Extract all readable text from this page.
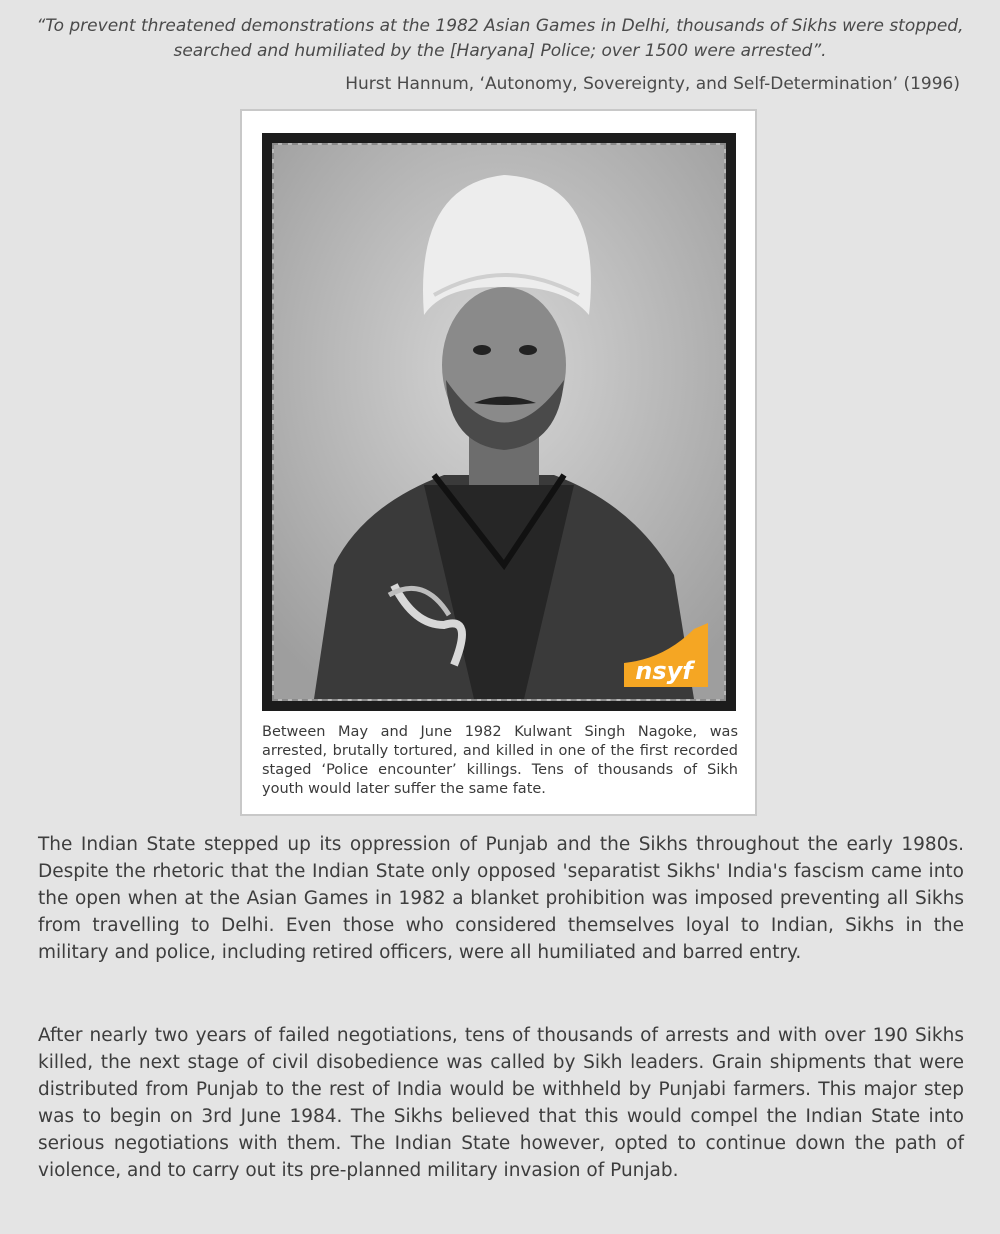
“To prevent threatened demonstrations at the 1982 Asian Games in Delhi, thousands of Sikhs were stopped, searched and humiliated by the [Haryana] Police; over 1500 were arrested”.
Hurst Hannum, ‘Autonomy, Sovereignty, and Self-Determination’ (1996)
nsyf
Between May and June 1982 Kulwant Singh Nagoke, was arrested, brutally tortured, and killed in one of the first recorded staged ‘Police encounter’ killings. Tens of thousands of Sikh youth would later suffer the same fate.
The Indian State stepped up its oppression of Punjab and the Sikhs throughout the early 1980s. Despite the rhetoric that the Indian State only opposed 'separatist Sikhs' India's fascism came into the open when at the Asian Games in 1982 a blanket prohibition was imposed preventing all Sikhs from travelling to Delhi. Even those who considered themselves loyal to Indian, Sikhs in the military and police, including retired officers, were all humiliated and barred entry.
After nearly two years of failed negotiations, tens of thousands of arrests and with over 190 Sikhs killed, the next stage of civil disobedience was called by Sikh leaders. Grain shipments that were distributed from Punjab to the rest of India would be withheld by Punjabi farmers. This major step was to begin on 3rd June 1984. The Sikhs believed that this would compel the Indian State into serious negotiations with them. The Indian State however, opted to continue down the path of violence, and to carry out its pre-planned military invasion of Punjab.
